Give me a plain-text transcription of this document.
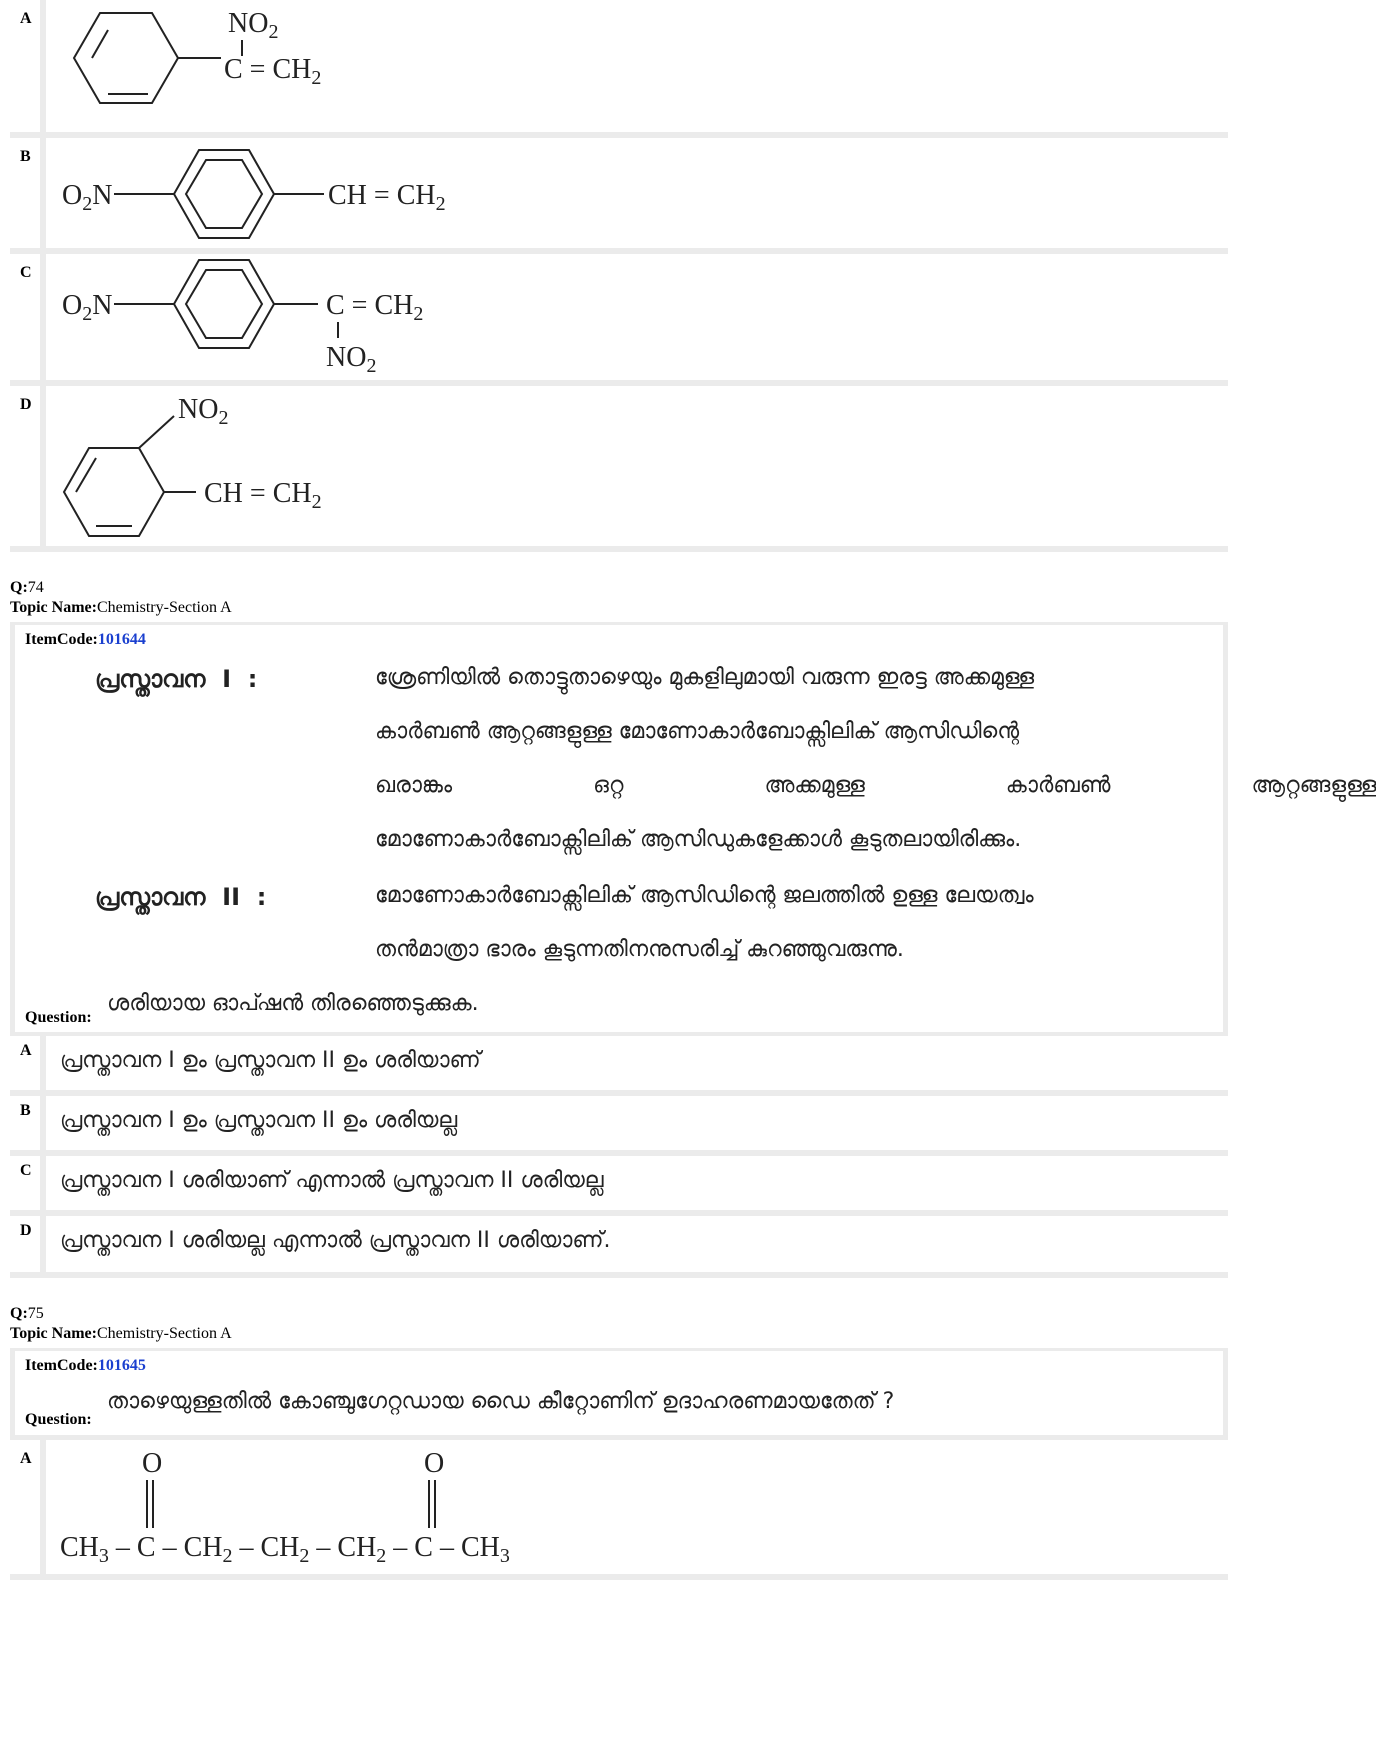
A	$NO_2$
$C = CH_2$
B
$O_2N$	CH = $CH_2$
C
$O_2N$	$C = CH_2$
$NO_2$
D	$NO_2$
CH = $CH_2$
Q:74
Topic Name:Chemistry-Section A
ItemCode:101644
പ്രസ്താവന  I  :	ശ്രേണിയിൽ തൊട്ടുതാഴെയും മുകളിലുമായി വരുന്ന ഇരട്ട അക്കമുള്ള
കാർബൺ ആറ്റങ്ങളുള്ള മോണോകാർബോക്സിലിക് ആസിഡിന്റെ
ഖരാങ്കം   ഒറ്റ   അക്കമുള്ള   കാർബൺ   ആറ്റങ്ങളുള്ള
മോണോകാർബോക്സിലിക് ആസിഡുകളേക്കാൾ കൂടുതലായിരിക്കും.
പ്രസ്താവന  II  :	മോണോകാർബോക്സിലിക് ആസിഡിന്റെ ജലത്തിൽ ഉള്ള ലേയത്വം
തൻമാത്രാ ഭാരം കൂടുന്നതിനനുസരിച്ച് കുറഞ്ഞുവരുന്നു.
Question:
ശരിയായ ഓപ്ഷൻ തിരഞ്ഞെടുക്കുക.
A പ്രസ്താവന I ഉം പ്രസ്താവന II ഉം ശരിയാണ്
B പ്രസ്താവന I ഉം പ്രസ്താവന II ഉം ശരിയല്ല
C പ്രസ്താവന I ശരിയാണ് എന്നാൽ പ്രസ്താവന II ശരിയല്ല
D പ്രസ്താവന I ശരിയല്ല എന്നാൽ പ്രസ്താവന II ശരിയാണ്.
Q:75
Topic Name:Chemistry-Section A
ItemCode:101645
Question:
താഴെയുള്ളതിൽ കോഞ്ചുഗേറ്റഡായ ഡൈ കീറ്റോണിന് ഉദാഹരണമായതേത് ?
A	O	O
$CH_3$ – C – $CH_2 - CH_2 - CH_2$ – C – $CH_3$
